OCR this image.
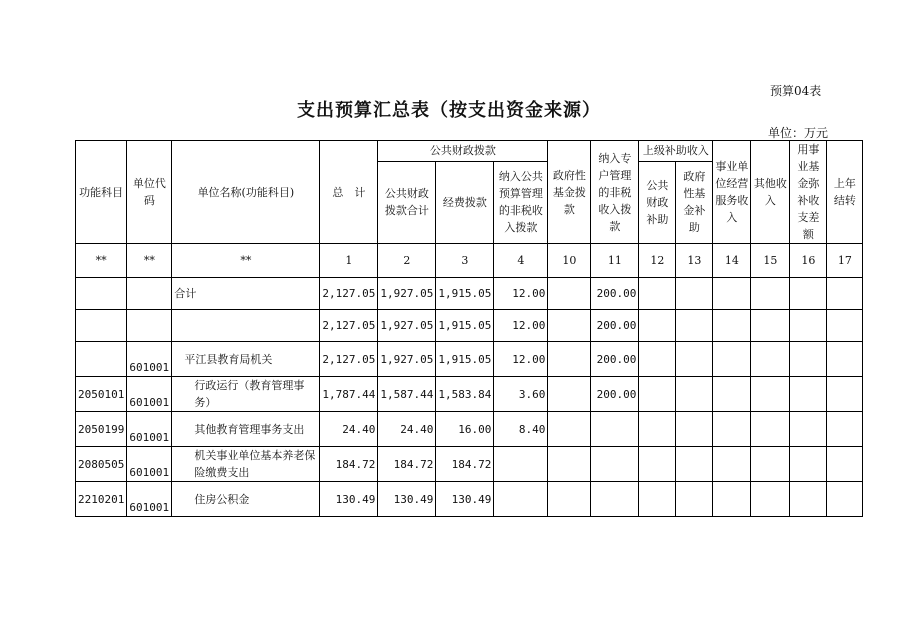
预算04表
支出预算汇总表（按支出资金来源）
单位：万元
功能科目	单位代码	单位名称(功能科目)	总　计	公共财政拨款			政府性基金拨款	纳入专户管理的非税收入拨款	上级补助收入		事业单位经营服务收入	其他收入	用事业基金弥补收支差额	上年结转
				公共财政拨款合计	经费拨款	纳入公共预算管理的非税收入拨款			公共财政补助	政府性基金补助				
**	**	**	1	2	3	4	10	11	12	13	14	15	16	17
		合计	2,127.05	1,927.05	1,915.05	12.00		200.00						
			2,127.05	1,927.05	1,915.05	12.00		200.00						
	601001	平江县教育局机关	2,127.05	1,927.05	1,915.05	12.00		200.00						
2050101	601001	行政运行（教育管理事务）	1,787.44	1,587.44	1,583.84	3.60		200.00						
2050199	601001	其他教育管理事务支出	24.40	24.40	16.00	8.40								
2080505	601001	机关事业单位基本养老保险缴费支出	184.72	184.72	184.72									
2210201	601001	住房公积金	130.49	130.49	130.49									
